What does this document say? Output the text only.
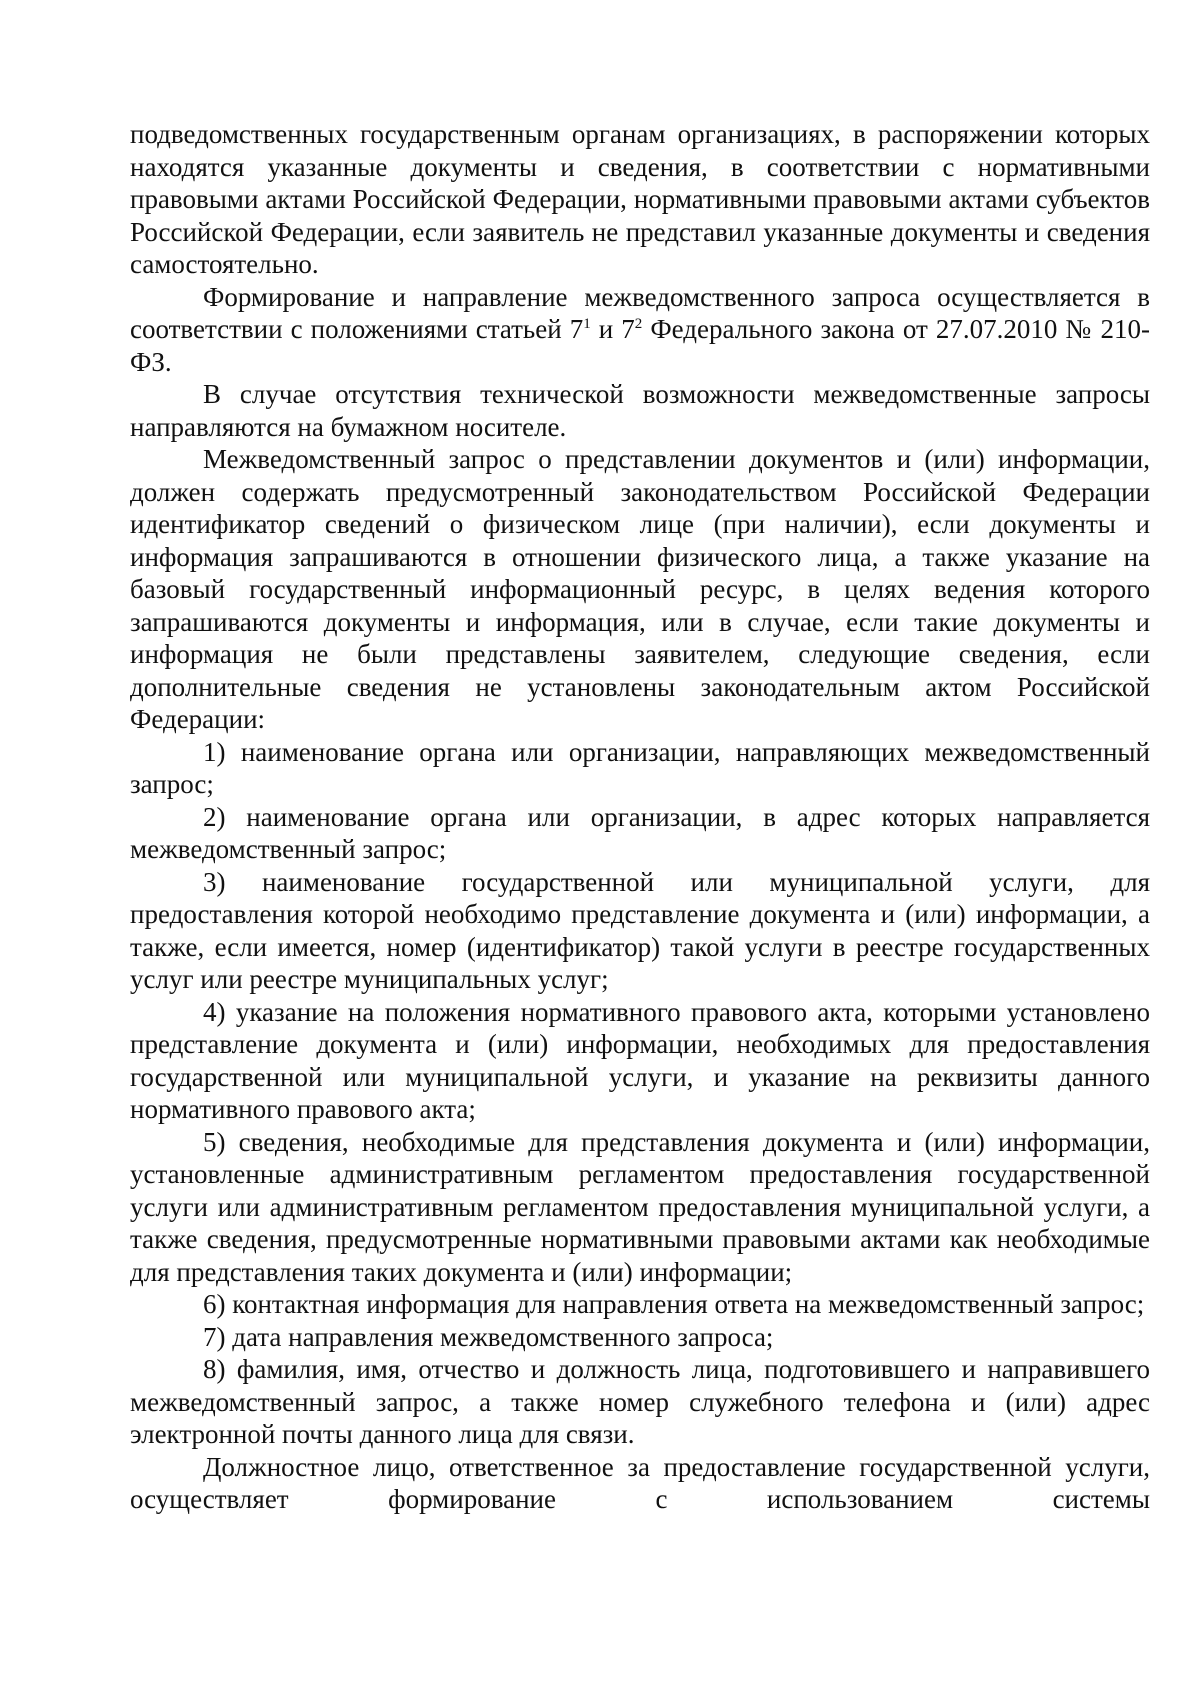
подведомственных государственным органам организациях, в распоряжении которых находятся указанные документы и сведения, в соответствии с нормативными правовыми актами Российской Федерации, нормативными правовыми актами субъектов Российской Федерации, если заявитель не представил указанные документы и сведения самостоятельно.

Формирование и направление межведомственного запроса осуществляется в соответствии с положениями статьей $7^1$ и $7^2$ Федерального закона от 27.07.2010 № 210-ФЗ.

В случае отсутствия технической возможности межведомственные запросы направляются на бумажном носителе.

Межведомственный запрос о представлении документов и (или) информации, должен содержать предусмотренный законодательством Российской Федерации идентификатор сведений о физическом лице (при наличии), если документы и информация запрашиваются в отношении физического лица, а также указание на базовый государственный информационный ресурс, в целях ведения которого запрашиваются документы и информация, или в случае, если такие документы и информация не были представлены заявителем, следующие сведения, если дополнительные сведения не установлены законодательным актом Российской Федерации:

1) наименование органа или организации, направляющих межведомственный запрос;

2) наименование органа или организации, в адрес которых направляется межведомственный запрос;

3) наименование государственной или муниципальной услуги, для предоставления которой необходимо представление документа и (или) информации, а также, если имеется, номер (идентификатор) такой услуги в реестре государственных услуг или реестре муниципальных услуг;

4) указание на положения нормативного правового акта, которыми установлено представление документа и (или) информации, необходимых для предоставления государственной или муниципальной услуги, и указание на реквизиты данного нормативного правового акта;

5) сведения, необходимые для представления документа и (или) информации, установленные административным регламентом предоставления государственной услуги или административным регламентом предоставления муниципальной услуги, а также сведения, предусмотренные нормативными правовыми актами как необходимые для представления таких документа и (или) информации;

6) контактная информация для направления ответа на межведомственный запрос;

7) дата направления межведомственного запроса;

8) фамилия, имя, отчество и должность лица, подготовившего и направившего межведомственный запрос, а также номер служебного телефона и (или) адрес электронной почты данного лица для связи.

Должностное лицо, ответственное за предоставление государственной услуги, осуществляет формирование с использованием системы
